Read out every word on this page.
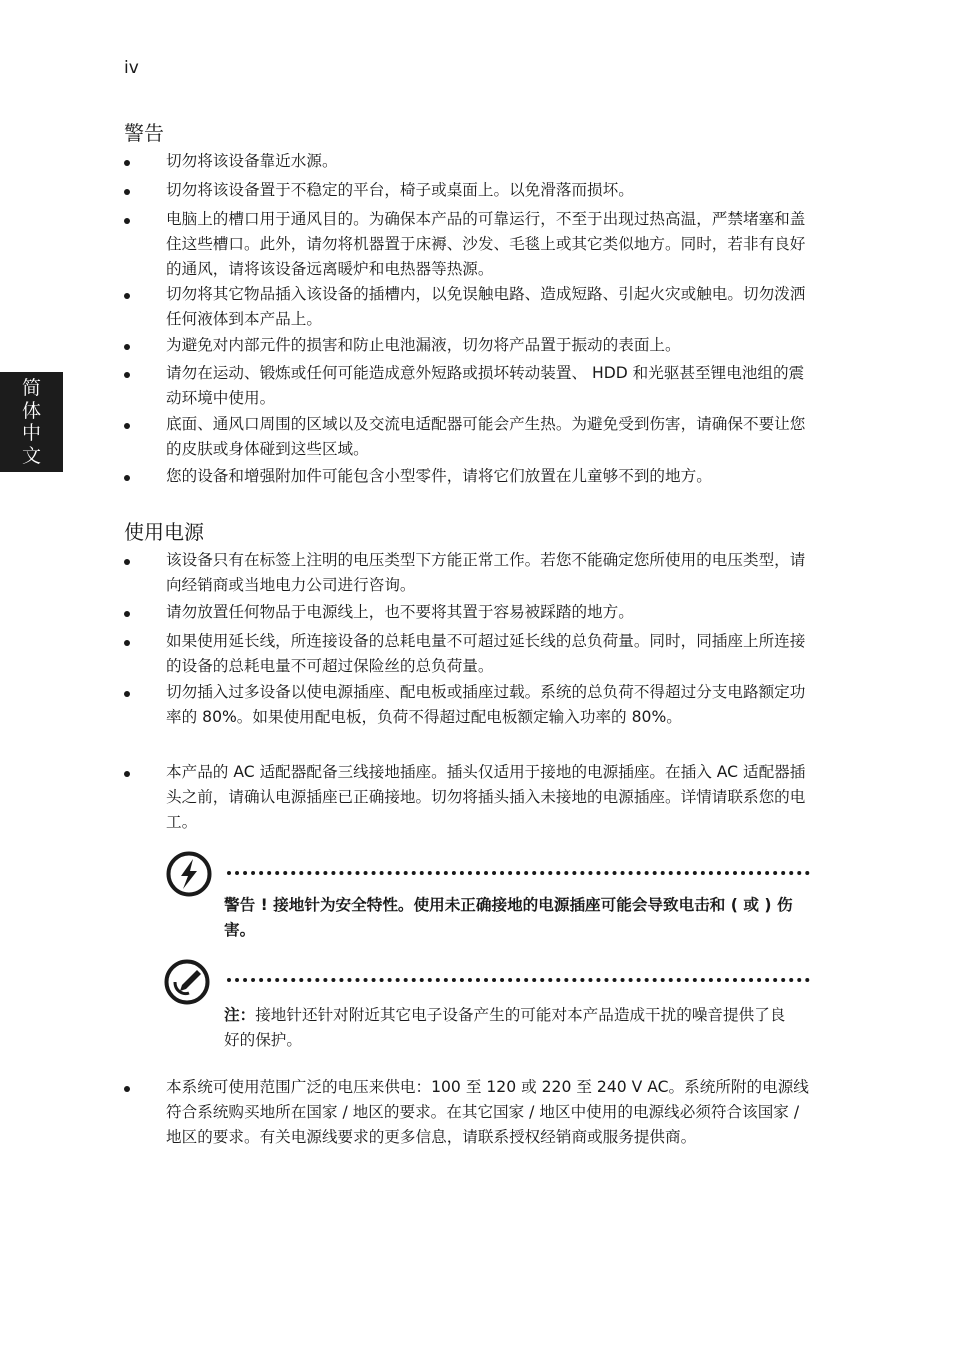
iv
简
体
中
文
警告
切勿将该设备靠近水源。
切勿将该设备置于不稳定的平台，椅子或桌面上。以免滑落而损坏。
电脑上的槽口用于通风目的。为确保本产品的可靠运行，不至于出现过热高温，严禁堵塞和盖住这些槽口。此外，请勿将机器置于床褥、沙发、毛毯上或其它类似地方。同时，若非有良好的通风，请将该设备远离暖炉和电热器等热源。
切勿将其它物品插入该设备的插槽内，以免误触电路、造成短路、引起火灾或触电。切勿泼洒任何液体到本产品上。
为避免对内部元件的损害和防止电池漏液，切勿将产品置于振动的表面上。
请勿在运动、锻炼或任何可能造成意外短路或损坏转动装置、 HDD 和光驱甚至锂电池组的震动环境中使用。
底面、通风口周围的区域以及交流电适配器可能会产生热。为避免受到伤害，请确保不要让您的皮肤或身体碰到这些区域。
您的设备和增强附加件可能包含小型零件，请将它们放置在儿童够不到的地方。
使用电源
该设备只有在标签上注明的电压类型下方能正常工作。若您不能确定您所使用的电压类型，请向经销商或当地电力公司进行咨询。
请勿放置任何物品于电源线上，也不要将其置于容易被踩踏的地方。
如果使用延长线，所连接设备的总耗电量不可超过延长线的总负荷量。同时，同插座上所连接的设备的总耗电量不可超过保险丝的总负荷量。
切勿插入过多设备以使电源插座、配电板或插座过载。系统的总负荷不得超过分支电路额定功率的 80%。如果使用配电板，负荷不得超过配电板额定输入功率的 80%。
本产品的 AC 适配器配备三线接地插座。插头仅适用于接地的电源插座。在插入 AC 适配器插头之前，请确认电源插座已正确接地。切勿将插头插入未接地的电源插座。详情请联系您的电工。
警告 ! 接地针为安全特性。使用未正确接地的电源插座可能会导致电击和 ( 或 ) 伤害。
注：接地针还针对附近其它电子设备产生的可能对本产品造成干扰的噪音提供了良好的保护。
本系统可使用范围广泛的电压来供电：100 至 120 或 220 至 240 V AC。系统所附的电源线符合系统购买地所在国家 / 地区的要求。在其它国家 / 地区中使用的电源线必须符合该国家 / 地区的要求。有关电源线要求的更多信息，请联系授权经销商或服务提供商。
